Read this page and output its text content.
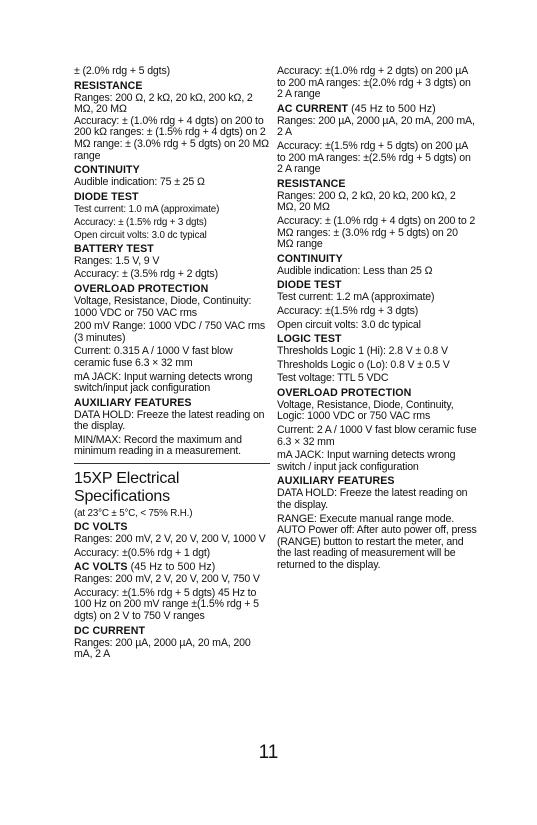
± (2.0% rdg + 5 dgts)

RESISTANCE

Ranges: 200 Ω, 2 kΩ, 20 kΩ, 200 kΩ, 2 MΩ, 20 MΩ
Accuracy: ± (1.0% rdg + 4 dgts) on 200 to 200 kΩ ranges: ± (1.5% rdg + 4 dgts) on 2 MΩ range: ± (3.0% rdg + 5 dgts) on 20 MΩ range

CONTINUITY

Audible indication: 75 ± 25 Ω

DIODE TEST

Test current: 1.0 mA (approximate)

Accuracy: ± (1.5% rdg + 3 dgts)

Open circuit volts: 3.0 dc typical

BATTERY TEST

Ranges: 1.5 V, 9 V

Accuracy: ± (3.5% rdg + 2 dgts)

OVERLOAD PROTECTION

Voltage, Resistance, Diode, Continuity: 1000 VDC or 750 VAC rms

200 mV Range: 1000 VDC / 750 VAC rms (3 minutes)

Current: 0.315 A / 1000 V fast blow ceramic fuse 6.3 × 32 mm

mA JACK: Input warning detects wrong switch/input jack configuration

AUXILIARY FEATURES

DATA HOLD: Freeze the latest reading on the display.

MIN/MAX: Record the maximum and minimum reading in a measurement.

15XP Electrical Specifications

(at 23°C ± 5°C, < 75% R.H.)

DC VOLTS

Ranges: 200 mV, 2 V, 20 V, 200 V, 1000 V

Accuracy: ±(0.5% rdg + 1 dgt)

AC VOLTS (45 Hz to 500 Hz)

Ranges: 200 mV, 2 V, 20 V, 200 V, 750 V

Accuracy: ±(1.5% rdg + 5 dgts) 45 Hz to 100 Hz on 200 mV range ±(1.5% rdg + 5 dgts) on 2 V to 750 V ranges

DC CURRENT

Ranges: 200 µA, 2000 µA, 20 mA, 200 mA, 2 A

Accuracy: ±(1.0% rdg + 2 dgts) on 200 µA to 200 mA ranges: ±(2.0% rdg + 3 dgts) on 2 A range

AC CURRENT (45 Hz to 500 Hz)

Ranges: 200 µA, 2000 µA, 20 mA, 200 mA, 2 A

Accuracy: ±(1.5% rdg + 5 dgts) on 200 µA to 200 mA ranges: ±(2.5% rdg + 5 dgts) on 2 A range

RESISTANCE

Ranges: 200 Ω, 2 kΩ, 20 kΩ, 200 kΩ, 2 MΩ, 20 MΩ

Accuracy: ± (1.0% rdg + 4 dgts) on 200 to 2 MΩ ranges: ± (3.0% rdg + 5 dgts) on 20 MΩ range

CONTINUITY

Audible indication: Less than 25 Ω

DIODE TEST

Test current: 1.2 mA (approximate)

Accuracy: ±(1.5% rdg + 3 dgts)

Open circuit volts: 3.0 dc typical

LOGIC TEST

Thresholds Logic 1 (Hi): 2.8 V ± 0.8 V

Thresholds Logic o (Lo): 0.8 V ± 0.5 V

Test voltage: TTL 5 VDC

OVERLOAD PROTECTION

Voltage, Resistance, Diode, Continuity, Logic: 1000 VDC or 750 VAC rms

Current: 2 A / 1000 V fast blow ceramic fuse 6.3 × 32 mm

mA JACK: Input warning detects wrong switch / input jack configuration

AUXILIARY FEATURES

DATA HOLD: Freeze the latest reading on the display.

RANGE: Execute manual range mode.

AUTO Power off: After auto power off, press (RANGE) button to restart the meter, and the last reading of measurement will be returned to the display.

11
